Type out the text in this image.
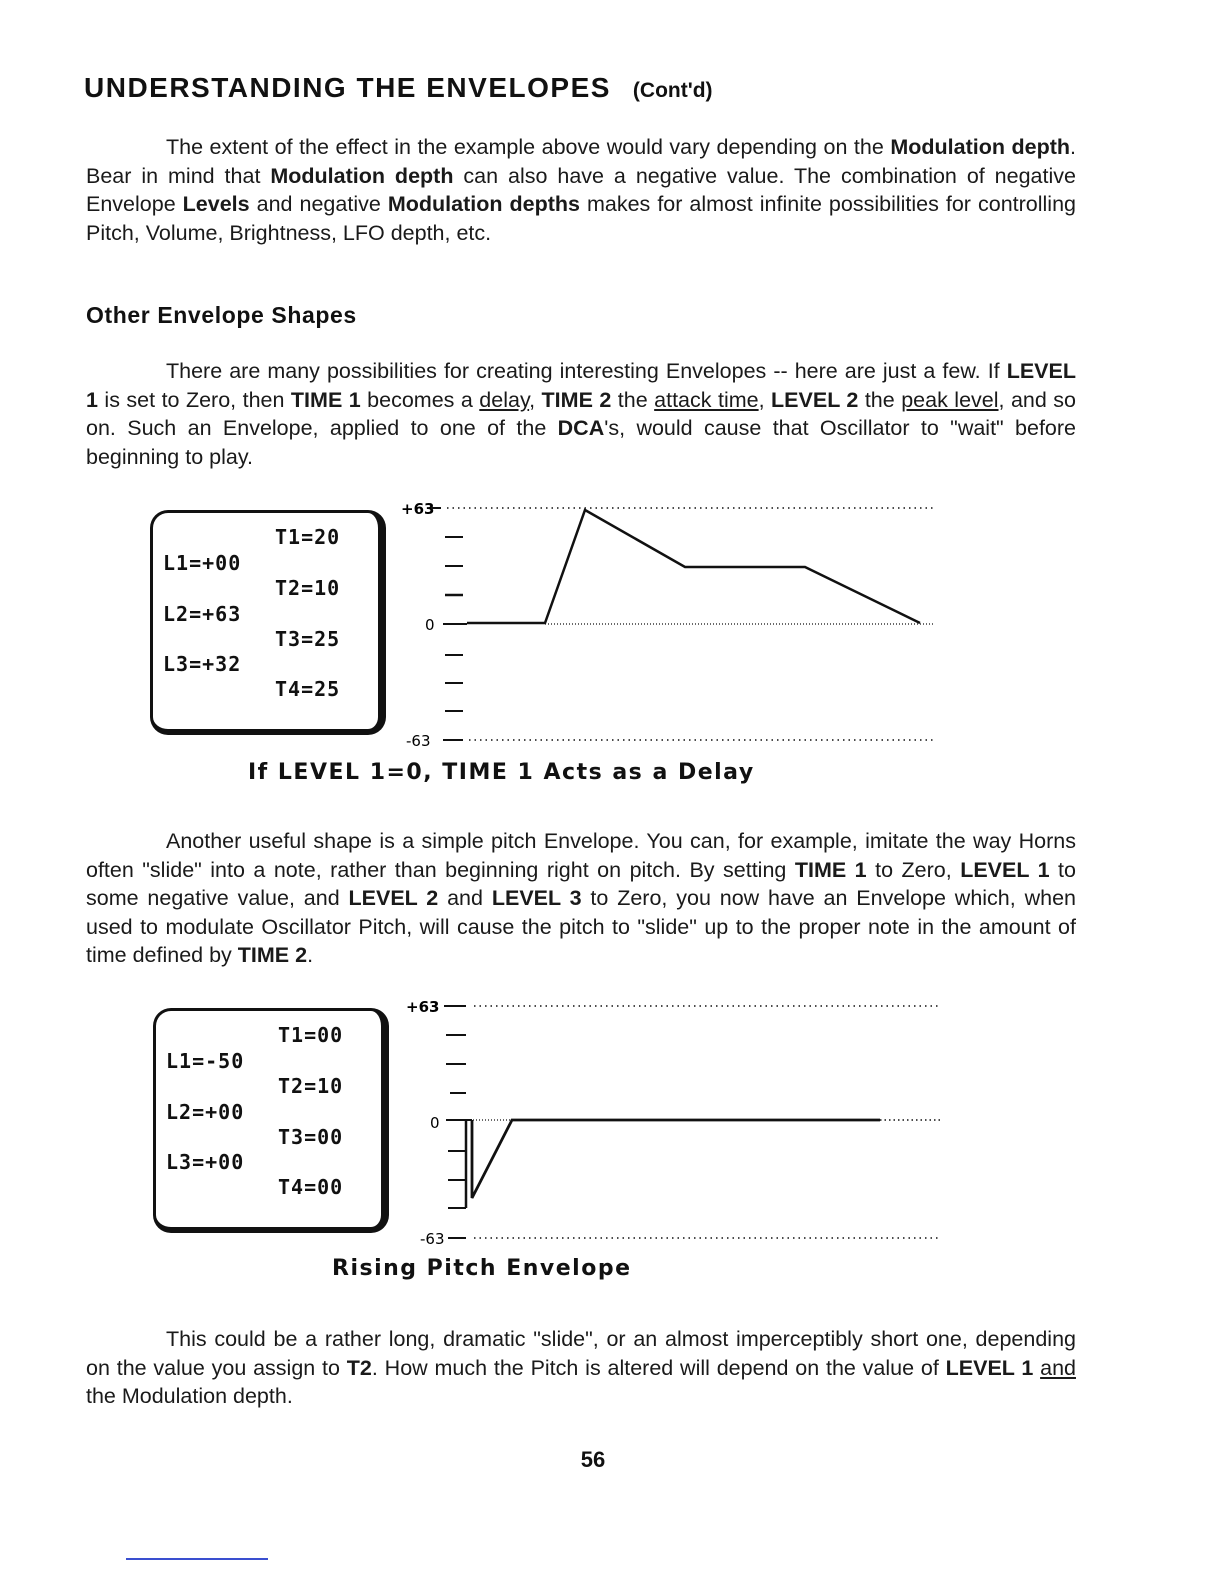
UNDERSTANDING THE ENVELOPES (Cont'd)
The extent of the effect in the example above would vary depending on the Modulation depth. Bear in mind that Modulation depth can also have a negative value. The combination of negative Envelope Levels and negative Modulation depths makes for almost infinite possibilities for controlling Pitch, Volume, Brightness, LFO depth, etc.
Other Envelope Shapes
There are many possibilities for creating interesting Envelopes -- here are just a few. If LEVEL 1 is set to Zero, then TIME 1 becomes a delay, TIME 2 the attack time, LEVEL 2 the peak level, and so on. Such an Envelope, applied to one of the DCA's, would cause that Oscillator to "wait" before beginning to play.
T1=20
L1=+00
T2=10
L2=+63
T3=25
L3=+32
T4=25
+63
0
-63
If LEVEL 1=0, TIME 1 Acts as a Delay
Another useful shape is a simple pitch Envelope. You can, for example, imitate the way Horns often "slide" into a note, rather than beginning right on pitch. By setting TIME 1 to Zero, LEVEL 1 to some negative value, and LEVEL 2 and LEVEL 3 to Zero, you now have an Envelope which, when used to modulate Oscillator Pitch, will cause the pitch to "slide" up to the proper note in the amount of time defined by TIME 2.
T1=00
L1=-50
T2=10
L2=+00
T3=00
L3=+00
T4=00
+63
0
-63
Rising Pitch Envelope
This could be a rather long, dramatic "slide", or an almost imperceptibly short one, depending on the value you assign to T2. How much the Pitch is altered will depend on the value of LEVEL 1 and the Modulation depth.
56
